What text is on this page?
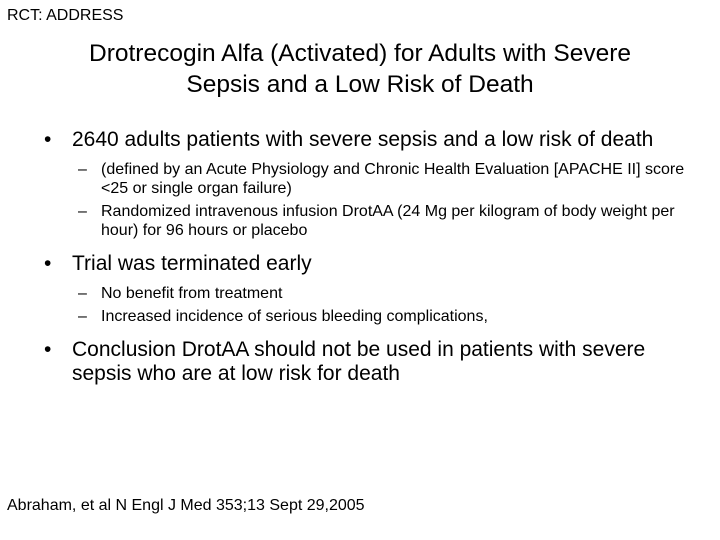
RCT: ADDRESS
Drotrecogin Alfa (Activated) for Adults with Severe
Sepsis and a Low Risk of Death
• 2640 adults patients with severe sepsis and a low risk of death
– (defined by an Acute Physiology and Chronic Health Evaluation [APACHE II] score <25 or single organ failure)
– Randomized intravenous infusion DrotAA (24 Mg per kilogram of body weight per hour) for 96 hours or placebo
• Trial was terminated early
– No benefit from treatment
– Increased incidence of serious bleeding complications,
• Conclusion DrotAA should not be used in patients with severe sepsis who are at low risk for death
Abraham, et al N Engl J Med 353;13 Sept 29,2005
